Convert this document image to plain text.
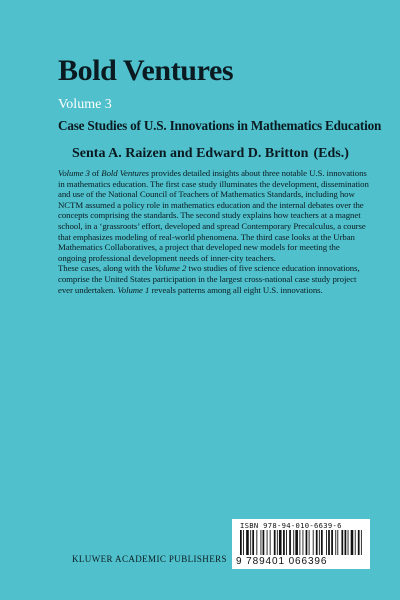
Bold Ventures
Volume 3
Case Studies of U.S. Innovations in Mathematics Education
Senta A. Raizen and Edward D. Britton (Eds.)

Volume 3 of Bold Ventures provides detailed insights about three notable U.S. innovations in mathematics education. The first case study illuminates the development, dissemination and use of the National Council of Teachers of Mathematics Standards, including how NCTM assumed a policy role in mathematics education and the internal debates over the concepts comprising the standards. The second study explains how teachers at a magnet school, in a ‘grassroots’ effort, developed and spread Contemporary Precalculus, a course that emphasizes modeling of real-world phenomena. The third case looks at the Urban Mathematics Collaboratives, a project that developed new models for meeting the ongoing professional development needs of inner-city teachers.

These cases, along with the Volume 2 two studies of five science education innovations, comprise the United States participation in the largest cross-national case study project ever undertaken. Volume 1 reveals patterns among all eight U.S. innovations.

KLUWER ACADEMIC PUBLISHERS
ISBN 978-94-010-6639-6
9 789401 066396
